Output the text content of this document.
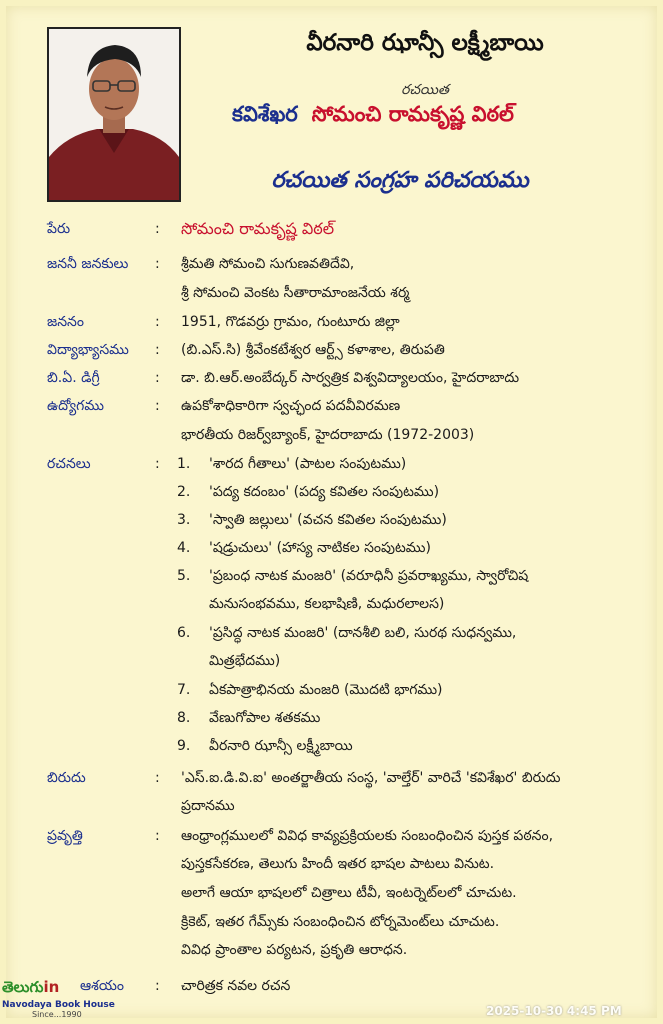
వీరనారి ఝాన్సీ లక్ష్మీబాయి
రచయిత
కవిశేఖర సోమంచి రామకృష్ణ విఠల్
రచయిత సంగ్రహ పరిచయము
పేరు	: సోమంచి రామకృష్ణ విఠల్
జననీ జనకులు : శ్రీమతి సోమంచి సుగుణవతిదేవి,
శ్రీ సోమంచి వెంకట సీతారామాంజనేయ శర్మ
జననం	: 1951, గొడవర్రు గ్రామం, గుంటూరు జిల్లా
విద్యాభ్యాసము : (బి.ఎస్.సి) శ్రీవేంకటేశ్వర ఆర్ట్స్ కళాశాల, తిరుపతి
బి.ఏ. డిగ్రీ	: డా. బి.ఆర్.అంబేద్కర్ సార్వత్రిక విశ్వవిద్యాలయం, హైదరాబాదు
ఉద్యోగము	: ఉపకోశాధికారిగా స్వచ్ఛంద పదవీవిరమణ
భారతీయ రిజర్వ్‌బ్యాంక్, హైదరాబాదు (1972-2003)
రచనలు	: 1. 'శారద గీతాలు' (పాటల సంపుటము)
2. 'పద్య కదంబం' (పద్య కవితల సంపుటము)
3. 'స్వాతి జల్లులు' (వచన కవితల సంపుటము)
4. 'షడ్రుచులు' (హాస్య నాటికల సంపుటము)
5. 'ప్రబంధ నాటక మంజరి' (వరూధినీ ప్రవరాఖ్యము, స్వారోచిష
మనుసంభవము, కలభాషిణి, మధురలాలస)
6. 'ప్రసిద్ధ నాటక మంజరి' (దానశీలి బలి, సురథ సుధన్వము,
మిత్రభేదము)
7. ఏకపాత్రాభినయ మంజరి (మొదటి భాగము)
8. వేణుగోపాల శతకము
9. వీరనారి ఝాన్సీ లక్ష్మీబాయి
బిరుదు	: 'ఎస్.ఐ.డి.వి.ఐ' అంతర్జాతీయ సంస్థ, 'వాల్తేర్' వారిచే 'కవిశేఖర' బిరుదు
ప్రదానము
ప్రవృత్తి	: ఆంధ్రాంగ్లములలో వివిధ కావ్యప్రక్రియలకు సంబంధించిన పుస్తక పఠనం,
పుస్తకసేకరణ, తెలుగు హిందీ ఇతర భాషల పాటలు వినుట.
అలాగే ఆయా భాషలలో చిత్రాలు టీవీ, ఇంటర్నెట్‌లలో చూచుట.
క్రికెట్, ఇతర గేమ్స్‌కు సంబంధించిన టోర్నమెంట్‌లు చూచుట.
వివిధ ప్రాంతాల పర్యటన, ప్రకృతి ఆరాధన.
ఆశయం : చారిత్రక నవల రచన
తెలుగుin
Navodaya Book House
Since...1990	2025-10-30 4:45 PM
